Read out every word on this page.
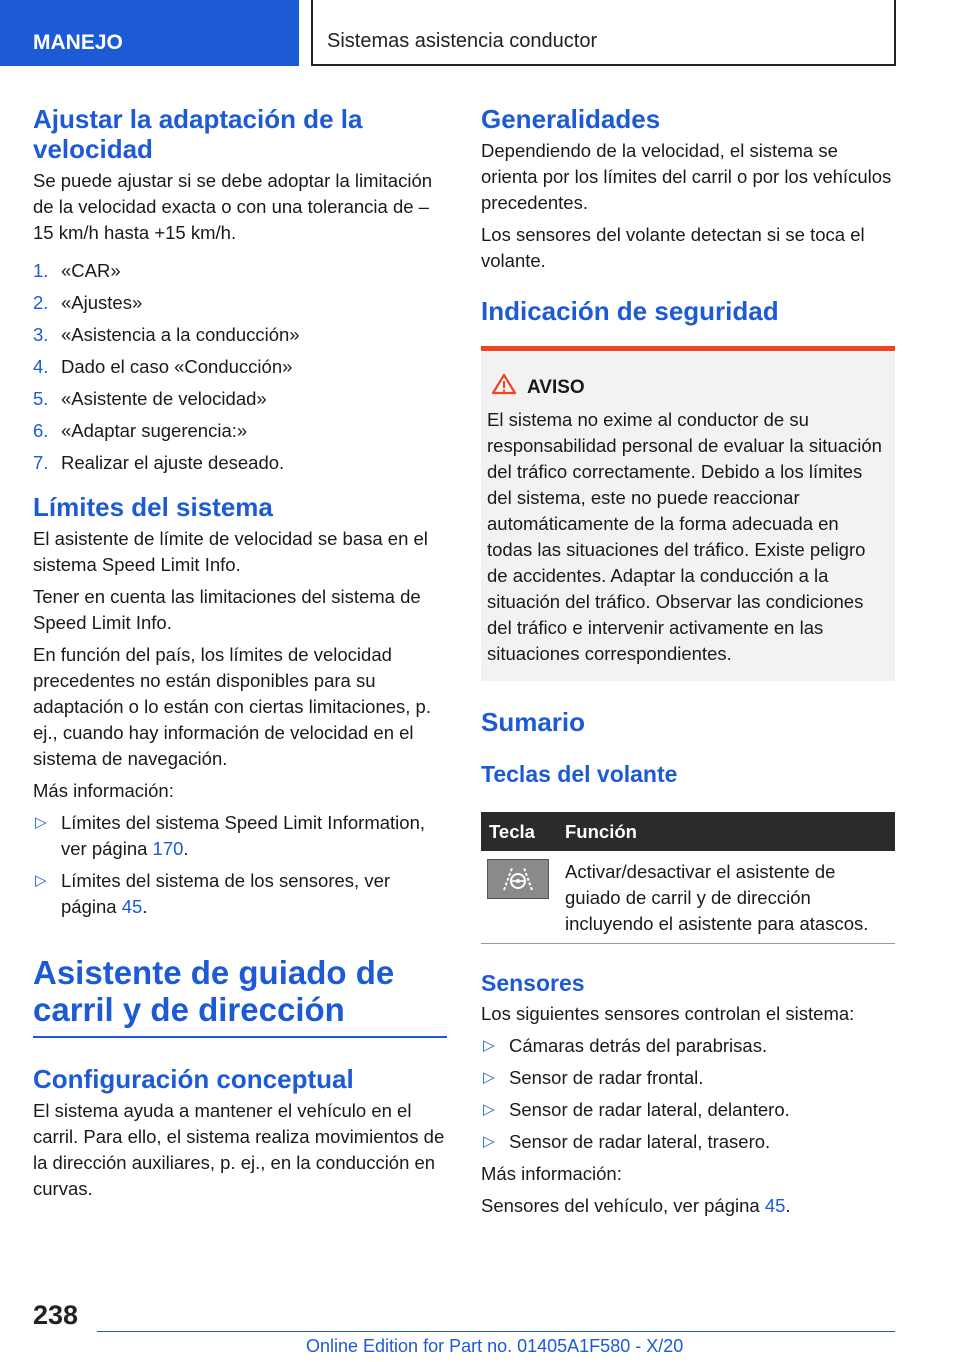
MANEJO	Sistemas asistencia conductor
Ajustar la adaptación de la velocidad

Se puede ajustar si se debe adoptar la limitación de la velocidad exacta o con una tolerancia de –15 km/h hasta +15 km/h.

1. «CAR»
2. «Ajustes»
3. «Asistencia a la conducción»
4. Dado el caso «Conducción»
5. «Asistente de velocidad»
6. «Adaptar sugerencia:»
7. Realizar el ajuste deseado.
Límites del sistema

El asistente de límite de velocidad se basa en el sistema Speed Limit Info.

Tener en cuenta las limitaciones del sistema de Speed Limit Info.

En función del país, los límites de velocidad precedentes no están disponibles para su adaptación o lo están con ciertas limitaciones, p. ej., cuando hay información de velocidad en el sistema de navegación.

Más información:

▷ Límites del sistema Speed Limit Information, ver página 170.
▷ Límites del sistema de los sensores, ver página 45.
Asistente de guiado de carril y de dirección
Configuración conceptual

El sistema ayuda a mantener el vehículo en el carril. Para ello, el sistema realiza movimientos de la dirección auxiliares, p. ej., en la conducción en curvas.

Generalidades

Dependiendo de la velocidad, el sistema se orienta por los límites del carril o por los vehículos precedentes.

Los sensores del volante detectan si se toca el volante.

Indicación de seguridad
AVISO

El sistema no exime al conductor de su responsabilidad personal de evaluar la situación del tráfico correctamente. Debido a los límites del sistema, este no puede reaccionar automáticamente de la forma adecuada en todas las situaciones del tráfico. Existe peligro de accidentes. Adaptar la conducción a la situación del tráfico. Observar las condiciones del tráfico e intervenir activamente en las situaciones correspondientes.

Sumario
Teclas del volante
Tecla	Función

	Activar/desactivar el asistente de guiado de carril y de dirección incluyendo el asistente para atascos.
Sensores

Los siguientes sensores controlan el sistema:

▷ Cámaras detrás del parabrisas.
▷ Sensor de radar frontal.
▷ Sensor de radar lateral, delantero.
▷ Sensor de radar lateral, trasero.

Más información:

Sensores del vehículo, ver página 45.

238
Online Edition for Part no. 01405A1F580 - X/20
